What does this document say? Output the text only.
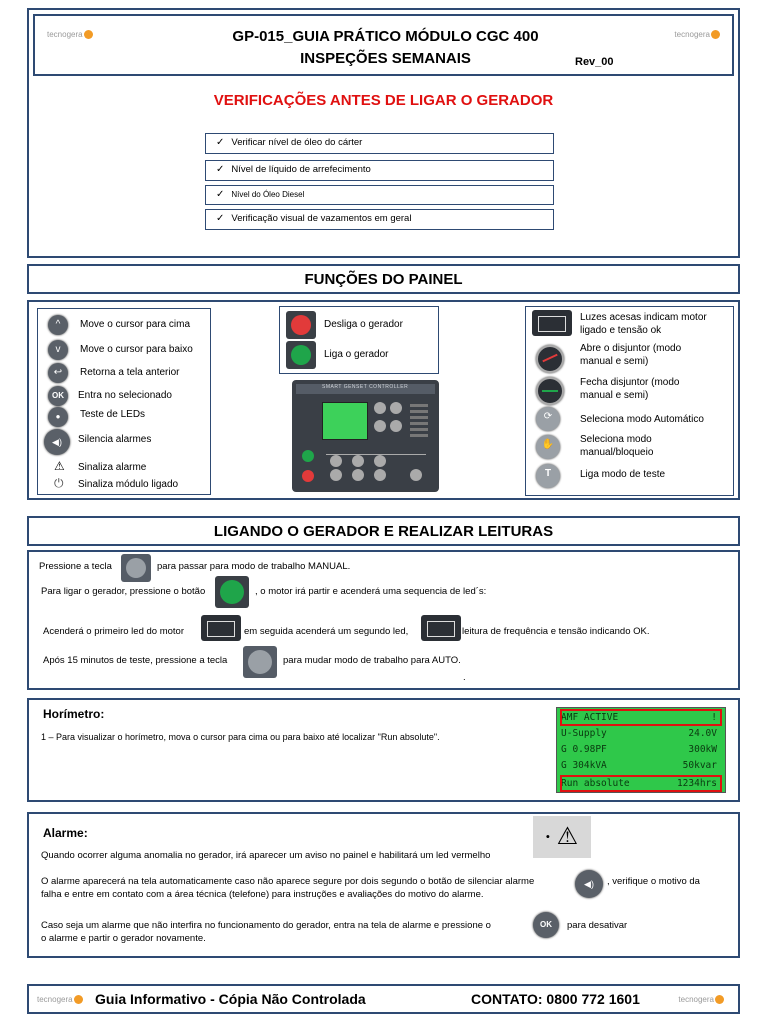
tecnogera	tecnogera
GP-015_GUIA PRÁTICO MÓDULO CGC 400
INSPEÇÕES SEMANAIS	Rev_00
VERIFICAÇÕES ANTES DE LIGAR O GERADOR
✓ Verificar nível de óleo do cárter
✓ Nível de líquido de arrefecimento
✓ Nível do Óleo Diesel
✓ Verificação visual de vazamentos em geral
FUNÇÕES DO PAINEL
^	Move o cursor para cima
v	Move o cursor para baixo
↩	Retorna a tela anterior
OK	Entra no selecionado
●	Teste de LEDs
◀)	Silencia alarmes
⚠ Sinaliza alarme
⏻ Sinaliza módulo ligado
Desliga o gerador
Liga o gerador
SMART GENSET CONTROLLER
Luzes acesas indicam motor
ligado e tensão ok
Abre o disjuntor (modo
manual e semi)
Fecha disjuntor (modo
manual e semi)
⟳	Seleciona modo Automático
✋	Seleciona modo
manual/bloqueio
T	Liga modo de teste
LIGANDO O GERADOR E REALIZAR LEITURAS
Pressione a tecla	para passar para modo de trabalho MANUAL.
Para ligar o gerador, pressione o botão	, o motor irá partir e acenderá uma sequencia de led´s:
Acenderá o primeiro led do motor	em seguida acenderá um segundo led,	leitura de frequência e tensão indicando OK.
Após 15 minutos de teste, pressione a tecla	para mudar modo de trabalho para AUTO.
.
Horímetro:
1 – Para visualizar o horímetro, mova o cursor para cima ou para baixo até localizar "Run absolute".
AMF ACTIVE	!
U-Supply	24.0V
G 0.98PF	300kW
G 304kVA	50kvar
Run absolute	1234hrs
Alarme:
Quando ocorrer alguma anomalia no gerador, irá aparecer um aviso no painel e habilitará um led vermelho
● ⚠
O alarme aparecerá na tela automaticamente caso não aparece segure por dois segundo o botão de silenciar alarme	◀)	, verifique o motivo da
falha e entre em contato com a área técnica (telefone) para instruções e avaliações do motivo do alarme.
Caso seja um alarme que não interfira no funcionamento do gerador, entra na tela de alarme e pressione o	OK	para desativar
o alarme e partir o gerador novamente.
tecnogera	Guia Informativo - Cópia Não Controlada	CONTATO: 0800 772 1601	tecnogera
